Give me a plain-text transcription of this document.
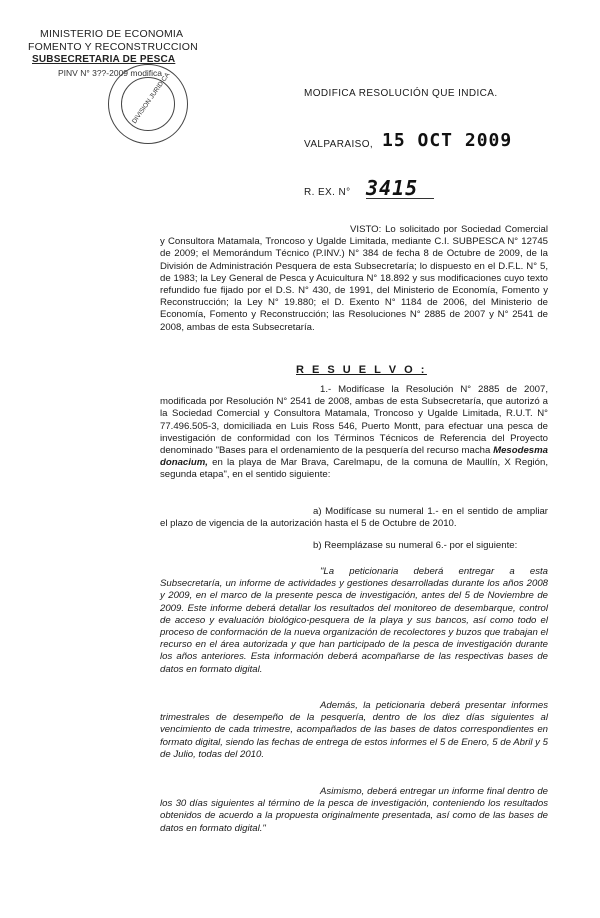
MINISTERIO DE ECONOMIA
FOMENTO Y RECONSTRUCCION
SUBSECRETARIA DE PESCA
PINV N° 3??-2009 modifica
DIVISION JURIDICA	MODIFICA RESOLUCIÓN QUE INDICA.
VALPARAISO, 15 OCT 2009
R. EX. N° 3415
VISTO: Lo solicitado por Sociedad Comercial y Consultora Matamala, Troncoso y Ugalde Limitada, mediante C.I. SUBPESCA N° 12745 de 2009; el Memorándum Técnico (P.INV.) N° 384 de fecha 8 de Octubre de 2009, de la División de Administración Pesquera de esta Subsecretaría; lo dispuesto en el D.F.L. N° 5, de 1983; la Ley General de Pesca y Acuicultura N° 18.892 y sus modificaciones cuyo texto refundido fue fijado por el D.S. N° 430, de 1991, del Ministerio de Economía, Fomento y Reconstrucción; la Ley N° 19.880; el D. Exento N° 1184 de 2006, del Ministerio de Economía, Fomento y Reconstrucción; las Resoluciones N° 2885 de 2007 y N° 2541 de 2008, ambas de esta Subsecretaría.
R E S U E L V O :
1.- Modifícase la Resolución N° 2885 de 2007, modificada por Resolución N° 2541 de 2008, ambas de esta Subsecretaría, que autorizó a la Sociedad Comercial y Consultora Matamala, Troncoso y Ugalde Limitada, R.U.T. N° 77.496.505-3, domiciliada en Luis Ross 546, Puerto Montt, para efectuar una pesca de investigación de conformidad con los Términos Técnicos de Referencia del Proyecto denominado "Bases para el ordenamiento de la pesquería del recurso macha Mesodesma donacium, en la playa de Mar Brava, Carelmapu, de la comuna de Maullín, X Región, segunda etapa", en el sentido siguiente:
a) Modifícase su numeral 1.- en el sentido de ampliar el plazo de vigencia de la autorización hasta el 5 de Octubre de 2010.
b) Reemplázase su numeral 6.- por el siguiente:
"La peticionaria deberá entregar a esta Subsecretaría, un informe de actividades y gestiones desarrolladas durante los años 2008 y 2009, en el marco de la presente pesca de investigación, antes del 5 de Noviembre de 2009. Este informe deberá detallar los resultados del monitoreo de desembarque, control de acceso y evaluación biológico-pesquera de la playa y sus bancos, así como todo el proceso de conformación de la nueva organización de recolectores y buzos que trabajan el recurso en el área autorizada y que han participado de la pesca de investigación durante los años anteriores. Esta información deberá acompañarse de las respectivas bases de datos en formato digital.
Además, la peticionaria deberá presentar informes trimestrales de desempeño de la pesquería, dentro de los diez días siguientes al vencimiento de cada trimestre, acompañados de las bases de datos correspondientes en formato digital, siendo las fechas de entrega de estos informes el 5 de Enero, 5 de Abril y 5 de Julio, todas del 2010.
Asimismo, deberá entregar un informe final dentro de los 30 días siguientes al término de la pesca de investigación, conteniendo los resultados obtenidos de acuerdo a la propuesta originalmente presentada, así como de las bases de datos en formato digital."
